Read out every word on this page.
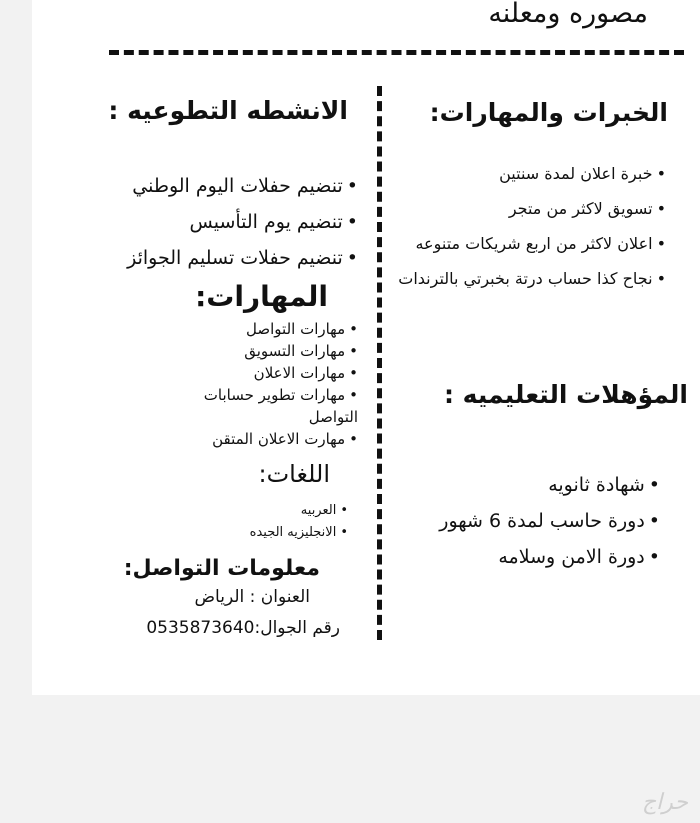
مصوره ومعلنه
الخبرات والمهارات:
•خبرة اعلان لمدة سنتين
•تسويق لاكثر من متجر
•اعلان لاكثر من اربع شريكات متنوعه
•نجاح كذا حساب درتة بخبرتي بالترندات
المؤهلات التعليميه :
•شهادة ثانويه
•دورة حاسب لمدة 6 شهور
•دورة الامن وسلامه
الانشطه التطوعيه :
•تنضيم حفلات اليوم الوطني
•تنضيم يوم التأسيس
•تنضيم حفلات تسليم الجوائز
المهارات:
•مهارات التواصل
•مهارات التسويق
•مهارات الاعلان
•مهارات تطوير حسابات التواصل
•مهارت الاعلان المتقن
اللغات:
•العربيه
•الانجليزيه الجيده
معلومات التواصل:
العنوان : الرياض
رقم الجوال:0535873640
حراج
